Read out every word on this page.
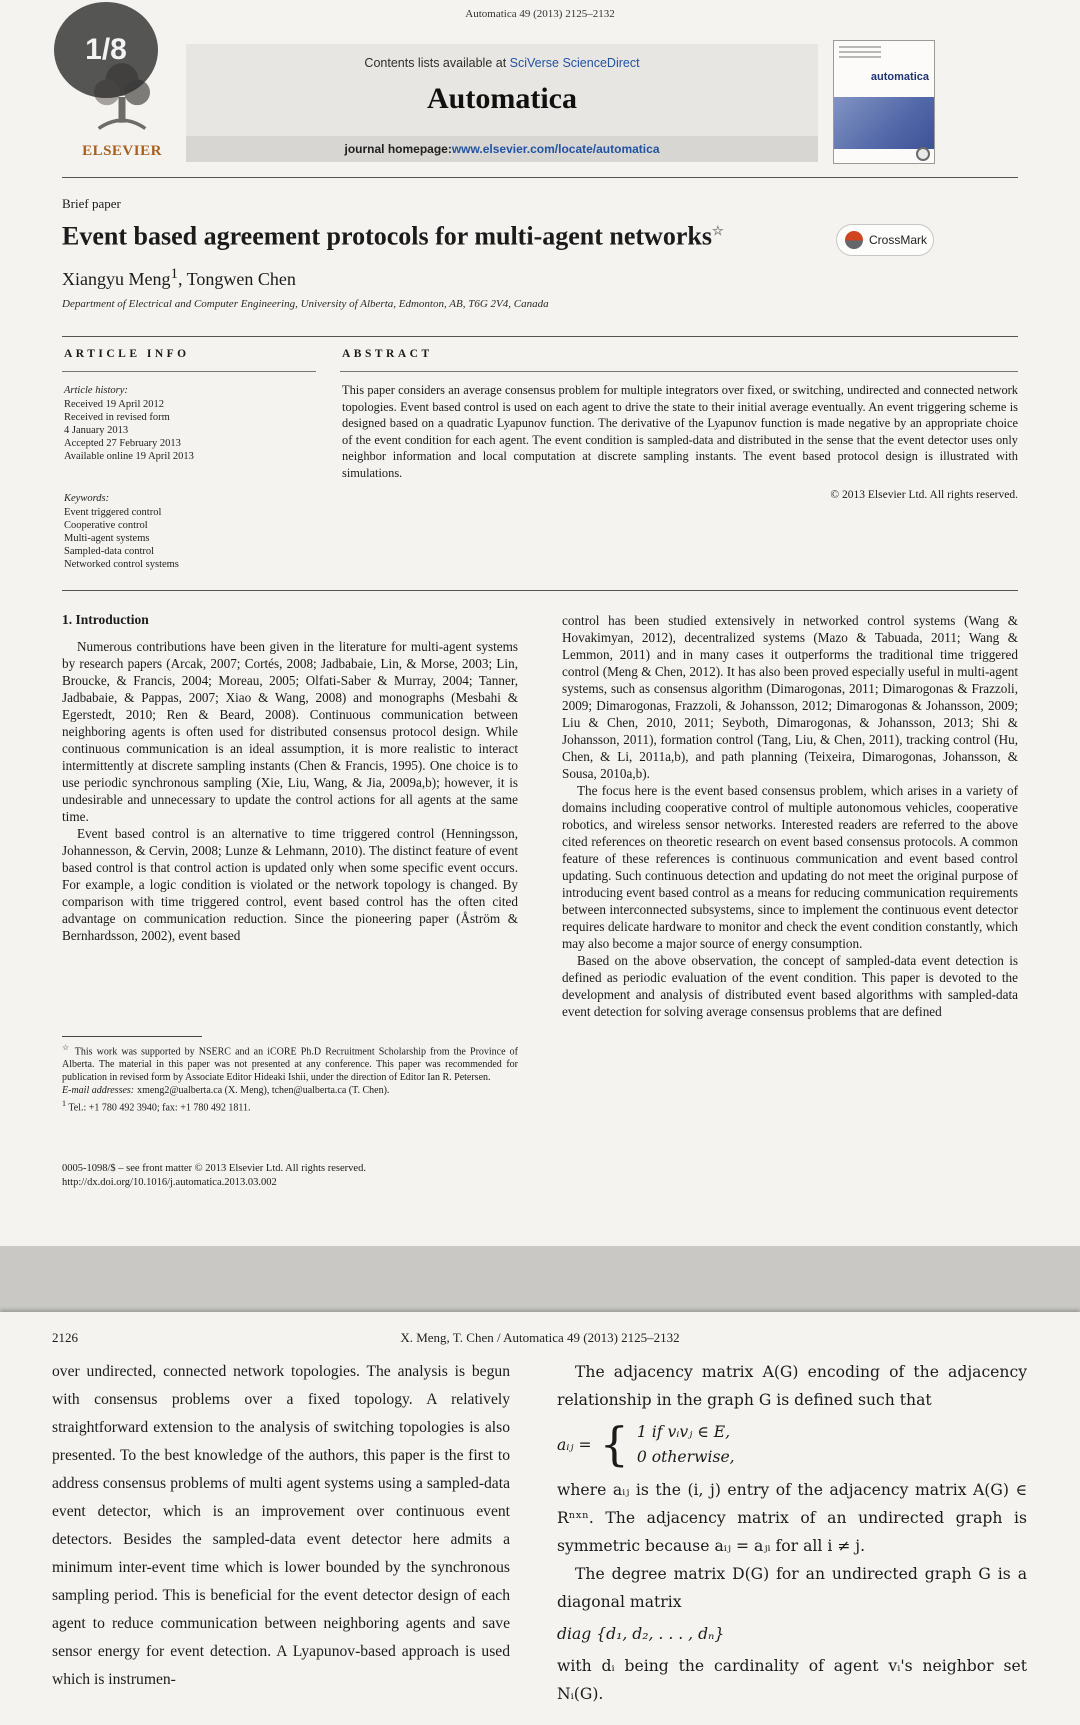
Automatica 49 (2013) 2125–2132
1/8
ELSEVIER
Contents lists available at SciVerse ScienceDirect
Automatica
journal homepage: www.elsevier.com/locate/automatica
automatica
Brief paper
Event based agreement protocols for multi-agent networks☆
CrossMark
Xiangyu Meng$^1$, Tongwen Chen
Department of Electrical and Computer Engineering, University of Alberta, Edmonton, AB, T6G 2V4, Canada
ARTICLE INFO	ABSTRACT
Article history:
Received 19 April 2012
Received in revised form
4 January 2013
Accepted 27 February 2013
Available online 19 April 2013
Keywords:
Event triggered control
Cooperative control
Multi-agent systems
Sampled-data control
Networked control systems

This paper considers an average consensus problem for multiple integrators over fixed, or switching, undirected and connected network topologies. Event based control is used on each agent to drive the state to their initial average eventually. An event triggering scheme is designed based on a quadratic Lyapunov function. The derivative of the Lyapunov function is made negative by an appropriate choice of the event condition for each agent. The event condition is sampled-data and distributed in the sense that the event detector uses only neighbor information and local computation at discrete sampling instants. The event based protocol design is illustrated with simulations.

© 2013 Elsevier Ltd. All rights reserved.
1. Introduction

Numerous contributions have been given in the literature for multi-agent systems by research papers (Arcak, 2007; Cortés, 2008; Jadbabaie, Lin, & Morse, 2003; Lin, Broucke, & Francis, 2004; Moreau, 2005; Olfati-Saber & Murray, 2004; Tanner, Jadbabaie, & Pappas, 2007; Xiao & Wang, 2008) and monographs (Mesbahi & Egerstedt, 2010; Ren & Beard, 2008). Continuous communication between neighboring agents is often used for distributed consensus protocol design. While continuous communication is an ideal assumption, it is more realistic to interact intermittently at discrete sampling instants (Chen & Francis, 1995). One choice is to use periodic synchronous sampling (Xie, Liu, Wang, & Jia, 2009a,b); however, it is undesirable and unnecessary to update the control actions for all agents at the same time.

Event based control is an alternative to time triggered control (Henningsson, Johannesson, & Cervin, 2008; Lunze & Lehmann, 2010). The distinct feature of event based control is that control action is updated only when some specific event occurs. For example, a logic condition is violated or the network topology is changed. By comparison with time triggered control, event based control has the often cited advantage on communication reduction. Since the pioneering paper (Åström & Bernhardsson, 2002), event based

control has been studied extensively in networked control systems (Wang & Hovakimyan, 2012), decentralized systems (Mazo & Tabuada, 2011; Wang & Lemmon, 2011) and in many cases it outperforms the traditional time triggered control (Meng & Chen, 2012). It has also been proved especially useful in multi-agent systems, such as consensus algorithm (Dimarogonas, 2011; Dimarogonas & Frazzoli, 2009; Dimarogonas, Frazzoli, & Johansson, 2012; Dimarogonas & Johansson, 2009; Liu & Chen, 2010, 2011; Seyboth, Dimarogonas, & Johansson, 2013; Shi & Johansson, 2011), formation control (Tang, Liu, & Chen, 2011), tracking control (Hu, Chen, & Li, 2011a,b), and path planning (Teixeira, Dimarogonas, Johansson, & Sousa, 2010a,b).

The focus here is the event based consensus problem, which arises in a variety of domains including cooperative control of multiple autonomous vehicles, cooperative robotics, and wireless sensor networks. Interested readers are referred to the above cited references on theoretic research on event based consensus protocols. A common feature of these references is continuous communication and event based control updating. Such continuous detection and updating do not meet the original purpose of introducing event based control as a means for reducing communication requirements between interconnected subsystems, since to implement the continuous event detector requires delicate hardware to monitor and check the event condition constantly, which may also become a major source of energy consumption.

Based on the above observation, the concept of sampled-data event detection is defined as periodic evaluation of the event condition. This paper is devoted to the development and analysis of distributed event based algorithms with sampled-data event detection for solving average consensus problems that are defined

☆ This work was supported by NSERC and an iCORE Ph.D Recruitment Scholarship from the Province of Alberta. The material in this paper was not presented at any conference. This paper was recommended for publication in revised form by Associate Editor Hideaki Ishii, under the direction of Editor Ian R. Petersen.

E-mail addresses: xmeng2@ualberta.ca (X. Meng), tchen@ualberta.ca (T. Chen).

$^1$ Tel.: +1 780 492 3940; fax: +1 780 492 1811.

0005-1098/$ – see front matter © 2013 Elsevier Ltd. All rights reserved.
http://dx.doi.org/10.1016/j.automatica.2013.03.002
2126	X. Meng, T. Chen / Automatica 49 (2013) 2125–2132
over undirected, connected network topologies. The analysis is begun with consensus problems over a fixed topology. A relatively straightforward extension to the analysis of switching topologies is also presented. To the best knowledge of the authors, this paper is the first to address consensus problems of multi agent systems using a sampled-data event detector, which is an improvement over continuous event detectors. Besides the sampled-data event detector here admits a minimum inter-event time which is lower bounded by the synchronous sampling period. This is beneficial for the event detector design of each agent to reduce communication between neighboring agents and save sensor energy for event detection. A Lyapunov-based approach is used which is instrumen-

The adjacency matrix A(G) encoding of the adjacency relationship in the graph G is defined such that

aᵢⱼ = { 1 if vᵢvⱼ ∈ E,
0 otherwise,

where aᵢⱼ is the (i, j) entry of the adjacency matrix A(G) ∈ Rⁿˣⁿ. The adjacency matrix of an undirected graph is symmetric because aᵢⱼ = aⱼᵢ for all i ≠ j.

The degree matrix D(G) for an undirected graph G is a diagonal matrix

diag {d₁, d₂, . . . , dₙ}

with dᵢ being the cardinality of agent vᵢ's neighbor set Nᵢ(G).
